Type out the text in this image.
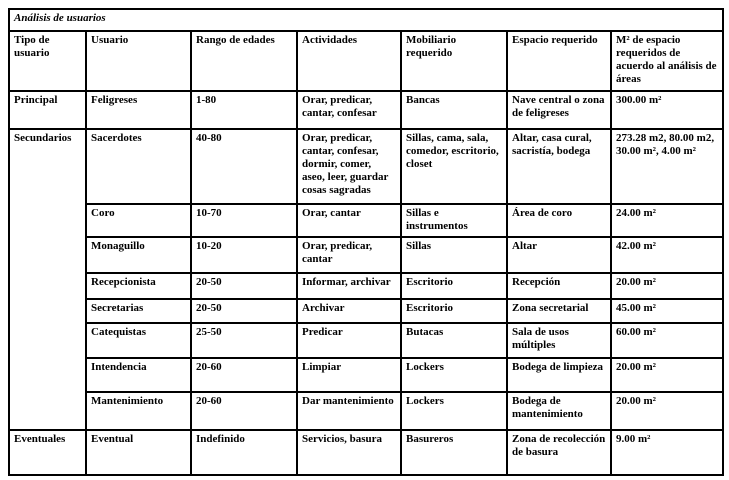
Análisis de usuarios						
Tipo de usuario	Usuario	Rango de edades	Actividades	Mobiliario requerido	Espacio requerido	M² de espacio requeridos de acuerdo al análisis de áreas
Principal	Feligreses	1-80	Orar, predicar, cantar, confesar	Bancas	Nave central o zona de feligreses	300.00 m²
Secundarios	Sacerdotes	40-80	Orar, predicar, cantar, confesar, dormir, comer, aseo, leer, guardar cosas sagradas	Sillas, cama, sala, comedor, escritorio, closet	Altar, casa cural, sacristía, bodega	273.28 m2, 80.00 m2, 30.00 m², 4.00 m²
	Coro	10-70	Orar, cantar	Sillas e instrumentos	Área de coro	24.00 m²
	Monaguillo	10-20	Orar, predicar, cantar	Sillas	Altar	42.00 m²
	Recepcionista	20-50	Informar, archivar	Escritorio	Recepción	20.00 m²
	Secretarias	20-50	Archivar	Escritorio	Zona secretarial	45.00 m²
	Catequistas	25-50	Predicar	Butacas	Sala de usos múltiples	60.00 m²
	Intendencia	20-60	Limpiar	Lockers	Bodega de limpieza	20.00 m²
	Mantenimiento	20-60	Dar mantenimiento	Lockers	Bodega de mantenimiento	20.00 m²
Eventuales	Eventual	Indefinido	Servicios, basura	Basureros	Zona de recolección de basura	9.00 m²
